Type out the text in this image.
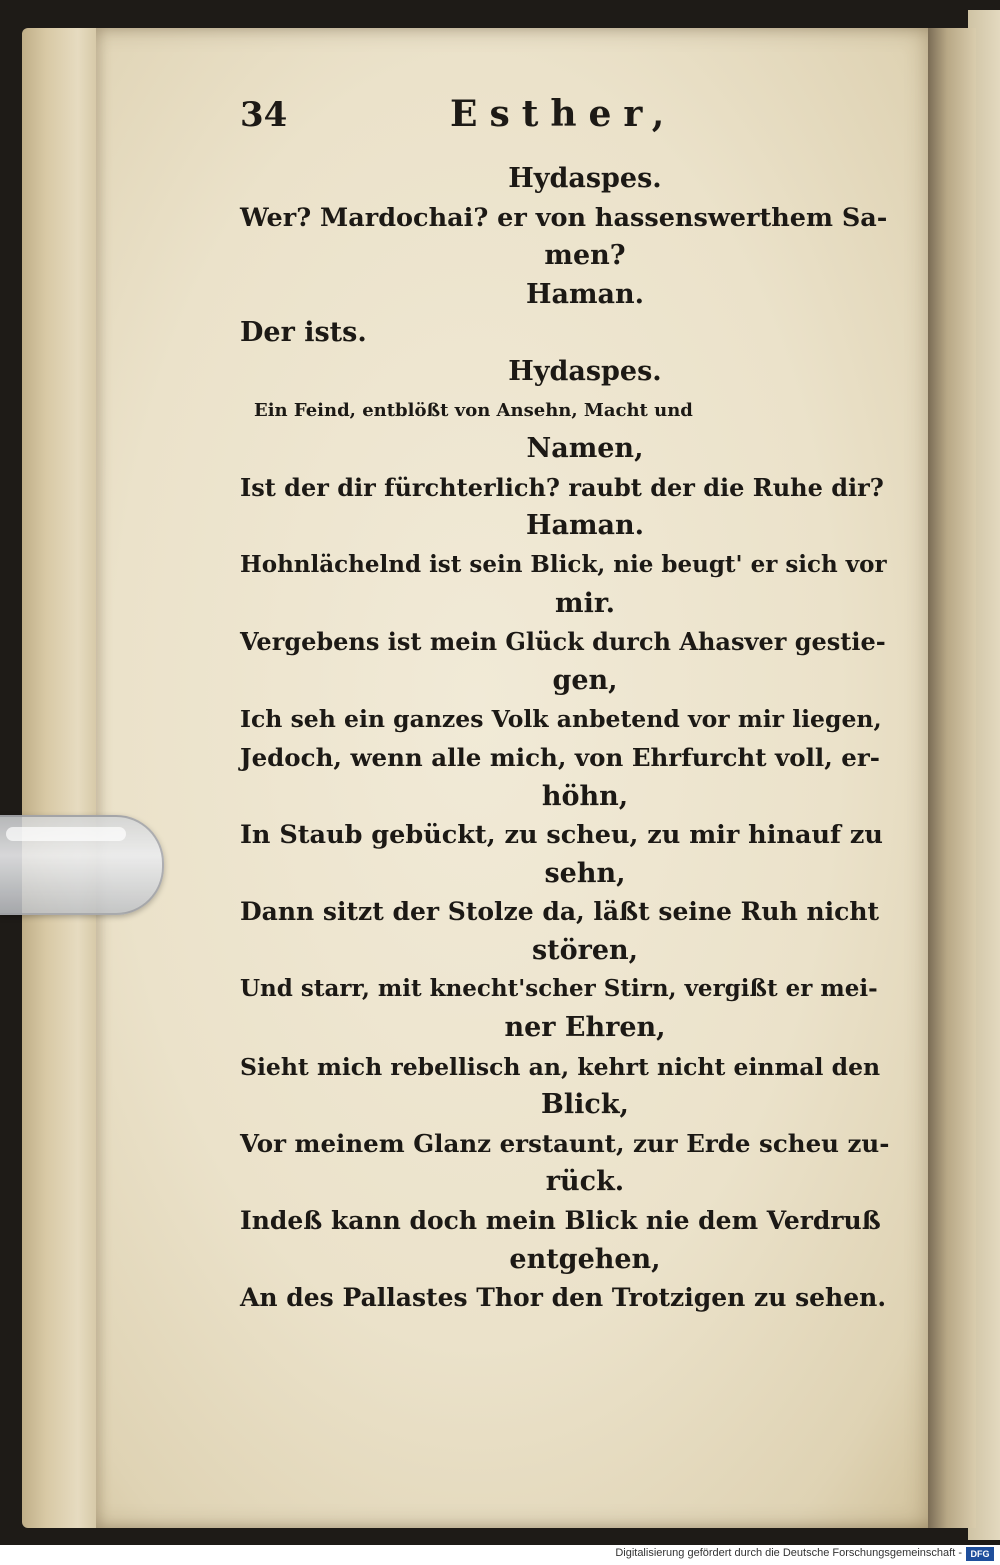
34	Esther,
Hydaspes.
Wer? Mardochai? er von hassenswerthem Sa-
men?
Haman.
Der ists.
Hydaspes.
Ein Feind, entblößt von Ansehn, Macht und
Namen,
Ist der dir fürchterlich? raubt der die Ruhe dir?
Haman.
Hohnlächelnd ist sein Blick, nie beugt' er sich vor
mir.
Vergebens ist mein Glück durch Ahasver gestie-
gen,
Ich seh ein ganzes Volk anbetend vor mir liegen,
Jedoch, wenn alle mich, von Ehrfurcht voll, er-
höhn,
In Staub gebückt, zu scheu, zu mir hinauf zu
sehn,
Dann sitzt der Stolze da, läßt seine Ruh nicht
stören,
Und starr, mit knecht'scher Stirn, vergißt er mei-
ner Ehren,
Sieht mich rebellisch an, kehrt nicht einmal den
Blick,
Vor meinem Glanz erstaunt, zur Erde scheu zu-
rück.
Indeß kann doch mein Blick nie dem Verdruß
entgehen,
An des Pallastes Thor den Trotzigen zu sehen.
Digitalisierung gefördert durch die Deutsche Forschungsgemeinschaft - DFG
